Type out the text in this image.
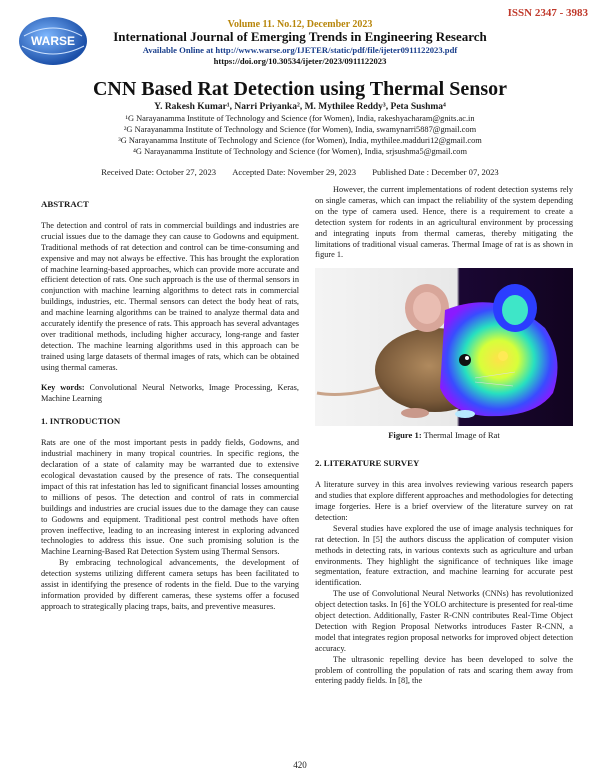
ISSN 2347 - 3983
WARSE
Volume 11. No.12, December 2023
International Journal of Emerging Trends in Engineering Research
Available Online at http://www.warse.org/IJETER/static/pdf/file/ijeter0911122023.pdf
https://doi.org/10.30534/ijeter/2023/0911122023
CNN Based Rat Detection using Thermal Sensor
Y. Rakesh Kumar¹, Narri Priyanka², M. Mythilee Reddy³, Peta Sushma⁴
¹G Narayanamma Institute of Technology and Science (for Women), India, rakeshyacharam@gnits.ac.in
²G Narayanamma Institute of Technology and Science (for Women), India, swamynarri5887@gmail.com
³G Narayanamma Institute of Technology and Science (for Women), India, mythilee.madduri12@gmail.com
⁴G Narayanamma Institute of Technology and Science (for Women), India, srjsushma5@gmail.com
Received Date: October 27, 2023 Accepted Date: November 29, 2023 Published Date : December 07, 2023
ABSTRACT

The detection and control of rats in commercial buildings and industries are crucial issues due to the damage they can cause to Godowns and equipment. Traditional methods of rat detection and control can be time-consuming and expensive and may not always be effective. This has brought the exploration of machine learning-based approaches, which can provide more accurate and efficient detection of rats. One such approach is the use of thermal sensors in conjunction with machine learning algorithms to detect rats in commercial buildings, industries, etc. Thermal sensors can detect the body heat of rats, and machine learning algorithms can be trained to analyze thermal data and accurately identify the presence of rats. This approach has several advantages over traditional methods, including higher accuracy, long-range and faster detection. The machine learning algorithms used in this approach can be trained using large datasets of thermal images of rats, which can be obtained using thermal cameras.

Key words: Convolutional Neural Networks, Image Processing, Keras, Machine Learning

1. INTRODUCTION

Rats are one of the most important pests in paddy fields, Godowns, and industrial machinery in many tropical countries. In specific regions, the declaration of a state of calamity may be warranted due to extensive ecological devastation caused by the presence of rats. The consequential impact of this rat infestation has led to significant financial losses amounting to millions of pesos. The detection and control of rats in commercial buildings and industries are crucial issues due to the damage they can cause to Godowns and equipment. Traditional pest control methods have often proven ineffective, leading to an increasing interest in exploring advanced technologies to address this issue. One such promising solution is the Machine Learning-Based Rat Detection System using Thermal Sensors.

By embracing technological advancements, the development of detection systems utilizing different camera setups has been facilitated to assist in identifying the presence of rodents in the field. Due to the varying information provided by different cameras, these systems offer a focused approach to strategically placing traps, baits, and preventive measures.

However, the current implementations of rodent detection systems rely on single cameras, which can impact the reliability of the system depending on the type of camera used. Hence, there is a requirement to create a detection system for rodents in an agricultural environment by processing and integrating inputs from thermal cameras, thereby mitigating the limitations of traditional visual cameras. Thermal Image of rat is as shown in figure 1.

Figure 1: Thermal Image of Rat
2. LITERATURE SURVEY

A literature survey in this area involves reviewing various research papers and studies that explore different approaches and methodologies for detecting image forgeries. Here is a brief overview of the literature survey on rat detection:

Several studies have explored the use of image analysis techniques for rat detection. In [5] the authors discuss the application of computer vision methods in detecting rats, in various contexts such as agriculture and urban environments. They highlight the significance of techniques like image segmentation, feature extraction, and machine learning for accurate pest identification.

The use of Convolutional Neural Networks (CNNs) has revolutionized object detection tasks. In [6] the YOLO architecture is presented for real-time object detection. Additionally, Faster R-CNN contributes Real-Time Object Detection with Region Proposal Networks introduces Faster R-CNN, a model that integrates region proposal networks for improved object detection accuracy.

The ultrasonic repelling device has been developed to solve the problem of controlling the population of rats and scaring them away from entering paddy fields. In [8], the

420
